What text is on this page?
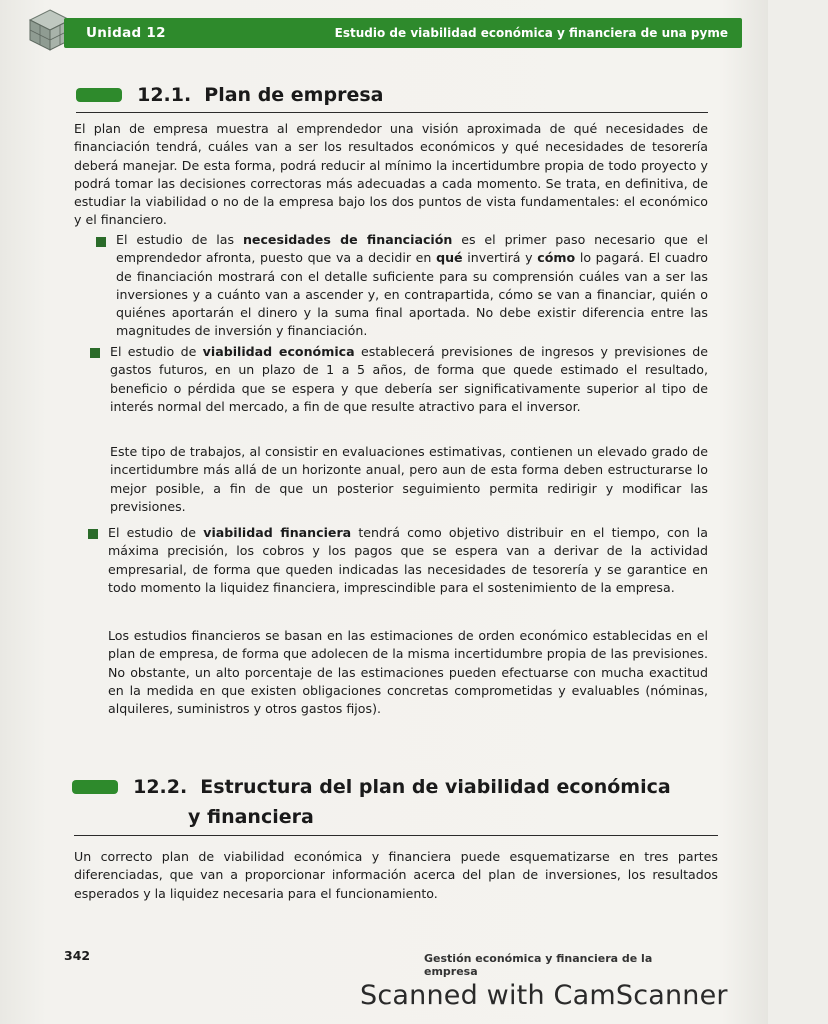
Unidad 12	Estudio de viabilidad económica y financiera de una pyme
12.1. Plan de empresa

El plan de empresa muestra al emprendedor una visión aproximada de qué necesidades de financiación tendrá, cuáles van a ser los resultados económicos y qué necesidades de tesorería deberá manejar. De esta forma, podrá reducir al mínimo la incertidumbre propia de todo proyecto y podrá tomar las decisiones correctoras más adecuadas a cada momento. Se trata, en definitiva, de estudiar la viabilidad o no de la empresa bajo los dos puntos de vista fundamentales: el económico y el financiero.

El estudio de las necesidades de financiación es el primer paso necesario que el emprendedor afronta, puesto que va a decidir en qué invertirá y cómo lo pagará. El cuadro de financiación mostrará con el detalle suficiente para su comprensión cuáles van a ser las inversiones y a cuánto van a ascender y, en contrapartida, cómo se van a financiar, quién o quiénes aportarán el dinero y la suma final aportada. No debe existir diferencia entre las magnitudes de inversión y financiación.

El estudio de viabilidad económica establecerá previsiones de ingresos y previsiones de gastos futuros, en un plazo de 1 a 5 años, de forma que quede estimado el resultado, beneficio o pérdida que se espera y que debería ser significativamente superior al tipo de interés normal del mercado, a fin de que resulte atractivo para el inversor.

Este tipo de trabajos, al consistir en evaluaciones estimativas, contienen un elevado grado de incertidumbre más allá de un horizonte anual, pero aun de esta forma deben estructurarse lo mejor posible, a fin de que un posterior seguimiento permita redirigir y modificar las previsiones.

El estudio de viabilidad financiera tendrá como objetivo distribuir en el tiempo, con la máxima precisión, los cobros y los pagos que se espera van a derivar de la actividad empresarial, de forma que queden indicadas las necesidades de tesorería y se garantice en todo momento la liquidez financiera, imprescindible para el sostenimiento de la empresa.

Los estudios financieros se basan en las estimaciones de orden económico establecidas en el plan de empresa, de forma que adolecen de la misma incertidumbre propia de las previsiones. No obstante, un alto porcentaje de las estimaciones pueden efectuarse con mucha exactitud en la medida en que existen obligaciones concretas comprometidas y evaluables (nóminas, alquileres, suministros y otros gastos fijos).

12.2. Estructura del plan de viabilidad económica
y financiera

Un correcto plan de viabilidad económica y financiera puede esquematizarse en tres partes diferenciadas, que van a proporcionar información acerca del plan de inversiones, los resultados esperados y la liquidez necesaria para el funcionamiento.

342	Gestión económica y financiera de la empresa
Scanned with CamScanner
